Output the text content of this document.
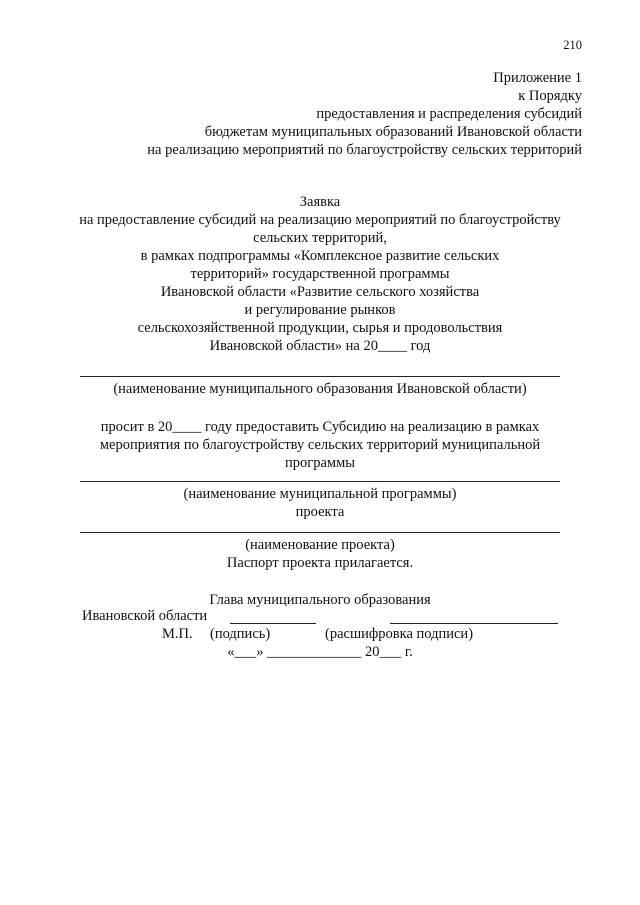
210
Приложение 1
к Порядку
предоставления и распределения субсидий
бюджетам муниципальных образований Ивановской области
на реализацию мероприятий по благоустройству сельских территорий
Заявка
на предоставление субсидий на реализацию мероприятий по благоустройству
сельских территорий,
в рамках подпрограммы «Комплексное развитие сельских
территорий» государственной программы
Ивановской области «Развитие сельского хозяйства
и регулирование рынков
сельскохозяйственной продукции, сырья и продовольствия
Ивановской области» на 20____ год
(наименование муниципального образования Ивановской области)
просит в 20____ году предоставить Субсидию на реализацию в рамках
мероприятия по благоустройству сельских территорий муниципальной
программы
(наименование муниципальной программы)
проекта
(наименование проекта)
Паспорт проекта прилагается.
Глава муниципального образования
Ивановской области
М.П. (подпись)	(расшифровка подписи)
«___» _____________ 20___ г.
